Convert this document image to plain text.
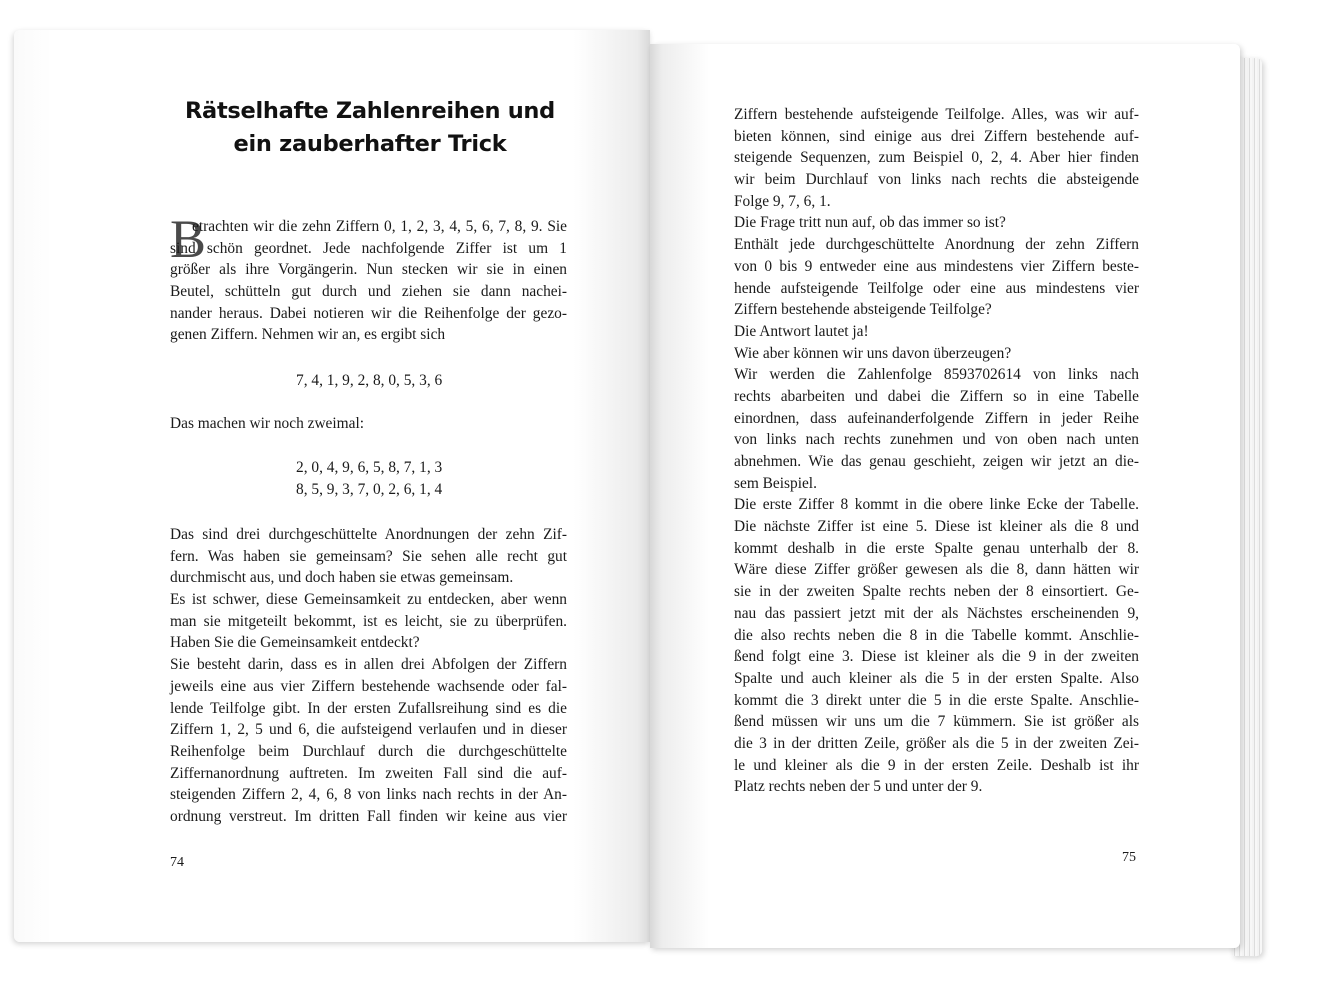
Rätselhafte Zahlenreihen und
ein zauberhafter Trick
B
etrachten wir die zehn Ziffern 0, 1, 2, 3, 4, 5, 6, 7, 8, 9. Sie
sind schön geordnet. Jede nachfolgende Ziffer ist um 1
größer als ihre Vorgängerin. Nun stecken wir sie in einen
Beutel, schütteln gut durch und ziehen sie dann nachei-
nander heraus. Dabei notieren wir die Reihenfolge der gezo-
genen Ziffern. Nehmen wir an, es ergibt sich
7, 4, 1, 9, 2, 8, 0, 5, 3, 6
Das machen wir noch zweimal:
2, 0, 4, 9, 6, 5, 8, 7, 1, 3
8, 5, 9, 3, 7, 0, 2, 6, 1, 4
Das sind drei durchgeschüttelte Anordnungen der zehn Zif-
fern. Was haben sie gemeinsam? Sie sehen alle recht gut
durchmischt aus, und doch haben sie etwas gemeinsam.
Es ist schwer, diese Gemeinsamkeit zu entdecken, aber wenn
man sie mitgeteilt bekommt, ist es leicht, sie zu überprüfen.
Haben Sie die Gemeinsamkeit entdeckt?
Sie besteht darin, dass es in allen drei Abfolgen der Ziffern
jeweils eine aus vier Ziffern bestehende wachsende oder fal-
lende Teilfolge gibt. In der ersten Zufallsreihung sind es die
Ziffern 1, 2, 5 und 6, die aufsteigend verlaufen und in dieser
Reihenfolge beim Durchlauf durch die durchgeschüttelte
Ziffernanordnung auftreten. Im zweiten Fall sind die auf-
steigenden Ziffern 2, 4, 6, 8 von links nach rechts in der An-
ordnung verstreut. Im dritten Fall finden wir keine aus vier
Ziffern bestehende aufsteigende Teilfolge. Alles, was wir auf-
bieten können, sind einige aus drei Ziffern bestehende auf-
steigende Sequenzen, zum Beispiel 0, 2, 4. Aber hier finden
wir beim Durchlauf von links nach rechts die absteigende
Folge 9, 7, 6, 1.
Die Frage tritt nun auf, ob das immer so ist?
Enthält jede durchgeschüttelte Anordnung der zehn Ziffern
von 0 bis 9 entweder eine aus mindestens vier Ziffern beste-
hende aufsteigende Teilfolge oder eine aus mindestens vier
Ziffern bestehende absteigende Teilfolge?
Die Antwort lautet ja!
Wie aber können wir uns davon überzeugen?
Wir werden die Zahlenfolge 8593702614 von links nach
rechts abarbeiten und dabei die Ziffern so in eine Tabelle
einordnen, dass aufeinanderfolgende Ziffern in jeder Reihe
von links nach rechts zunehmen und von oben nach unten
abnehmen. Wie das genau geschieht, zeigen wir jetzt an die-
sem Beispiel.
Die erste Ziffer 8 kommt in die obere linke Ecke der Tabelle.
Die nächste Ziffer ist eine 5. Diese ist kleiner als die 8 und
kommt deshalb in die erste Spalte genau unterhalb der 8.
Wäre diese Ziffer größer gewesen als die 8, dann hätten wir
sie in der zweiten Spalte rechts neben der 8 einsortiert. Ge-
nau das passiert jetzt mit der als Nächstes erscheinenden 9,
die also rechts neben die 8 in die Tabelle kommt. Anschlie-
ßend folgt eine 3. Diese ist kleiner als die 9 in der zweiten
Spalte und auch kleiner als die 5 in der ersten Spalte. Also
kommt die 3 direkt unter die 5 in die erste Spalte. Anschlie-
ßend müssen wir uns um die 7 kümmern. Sie ist größer als
die 3 in der dritten Zeile, größer als die 5 in der zweiten Zei-
le und kleiner als die 9 in der ersten Zeile. Deshalb ist ihr
Platz rechts neben der 5 und unter der 9.
74	75
